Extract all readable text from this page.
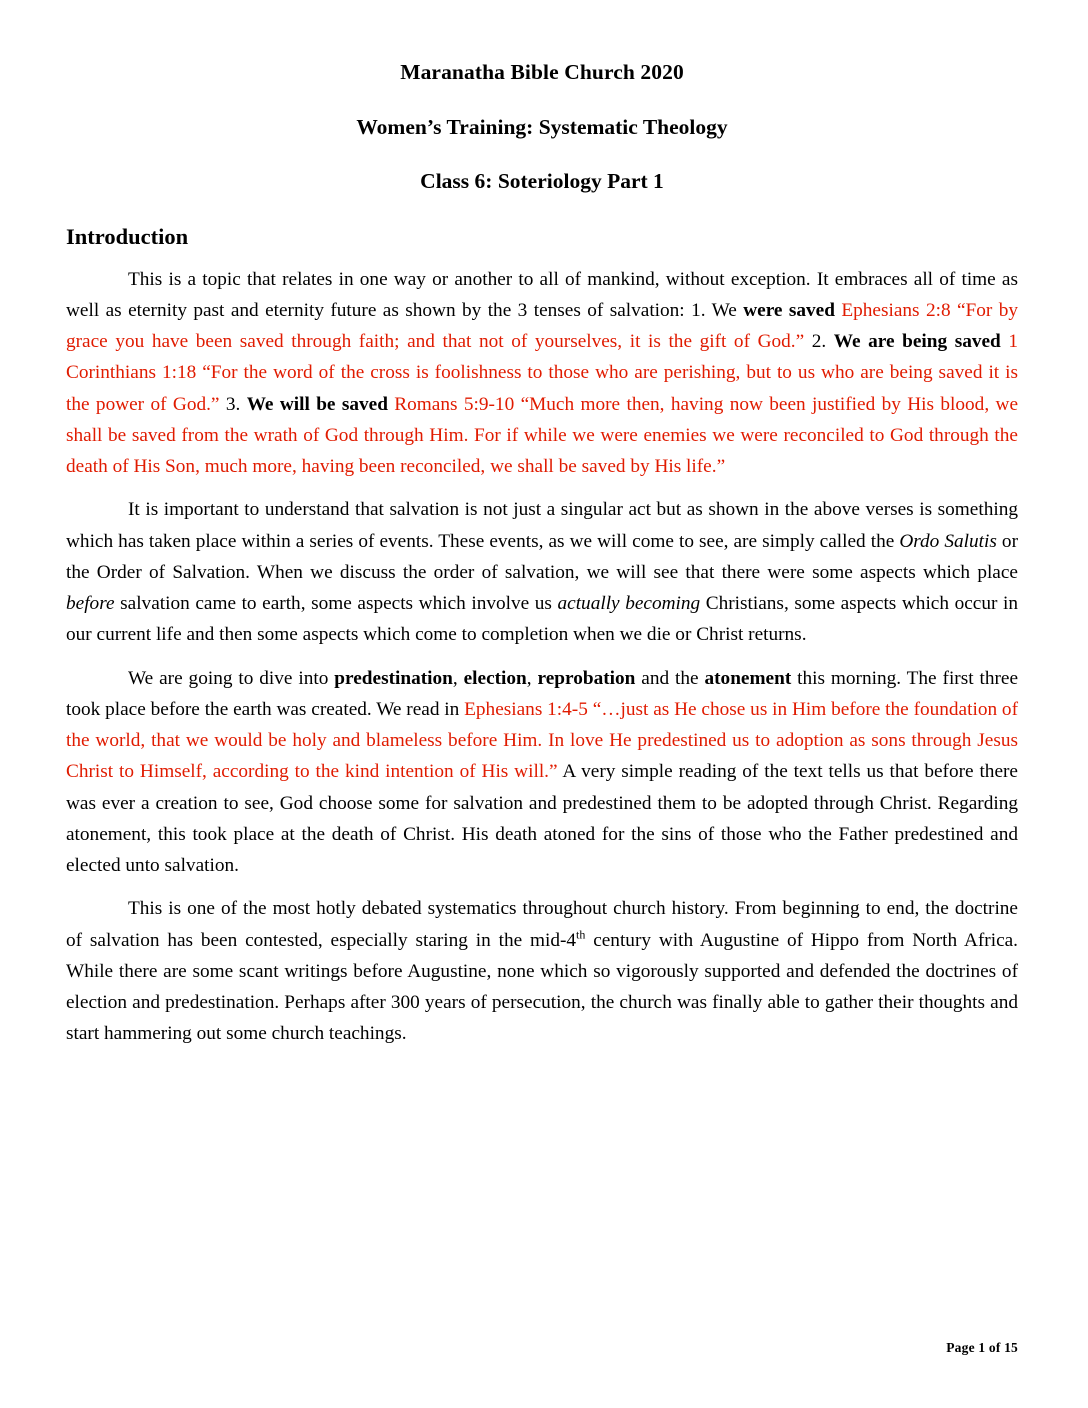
Maranatha Bible Church 2020
Women’s Training: Systematic Theology
Class 6: Soteriology Part 1
Introduction

This is a topic that relates in one way or another to all of mankind, without exception. It embraces all of time as well as eternity past and eternity future as shown by the 3 tenses of salvation: 1. We were saved Ephesians 2:8 “For by grace you have been saved through faith; and that not of yourselves, it is the gift of God.” 2. We are being saved 1 Corinthians 1:18 “For the word of the cross is foolishness to those who are perishing, but to us who are being saved it is the power of God.” 3. We will be saved Romans 5:9-10 “Much more then, having now been justified by His blood, we shall be saved from the wrath of God through Him. For if while we were enemies we were reconciled to God through the death of His Son, much more, having been reconciled, we shall be saved by His life.”

It is important to understand that salvation is not just a singular act but as shown in the above verses is something which has taken place within a series of events. These events, as we will come to see, are simply called the Ordo Salutis or the Order of Salvation. When we discuss the order of salvation, we will see that there were some aspects which place before salvation came to earth, some aspects which involve us actually becoming Christians, some aspects which occur in our current life and then some aspects which come to completion when we die or Christ returns.

We are going to dive into predestination, election, reprobation and the atonement this morning. The first three took place before the earth was created. We read in Ephesians 1:4-5 “…just as He chose us in Him before the foundation of the world, that we would be holy and blameless before Him. In love He predestined us to adoption as sons through Jesus Christ to Himself, according to the kind intention of His will.” A very simple reading of the text tells us that before there was ever a creation to see, God choose some for salvation and predestined them to be adopted through Christ. Regarding atonement, this took place at the death of Christ. His death atoned for the sins of those who the Father predestined and elected unto salvation.

This is one of the most hotly debated systematics throughout church history. From beginning to end, the doctrine of salvation has been contested, especially staring in the mid-4th century with Augustine of Hippo from North Africa. While there are some scant writings before Augustine, none which so vigorously supported and defended the doctrines of election and predestination. Perhaps after 300 years of persecution, the church was finally able to gather their thoughts and start hammering out some church teachings.

Page 1 of 15
